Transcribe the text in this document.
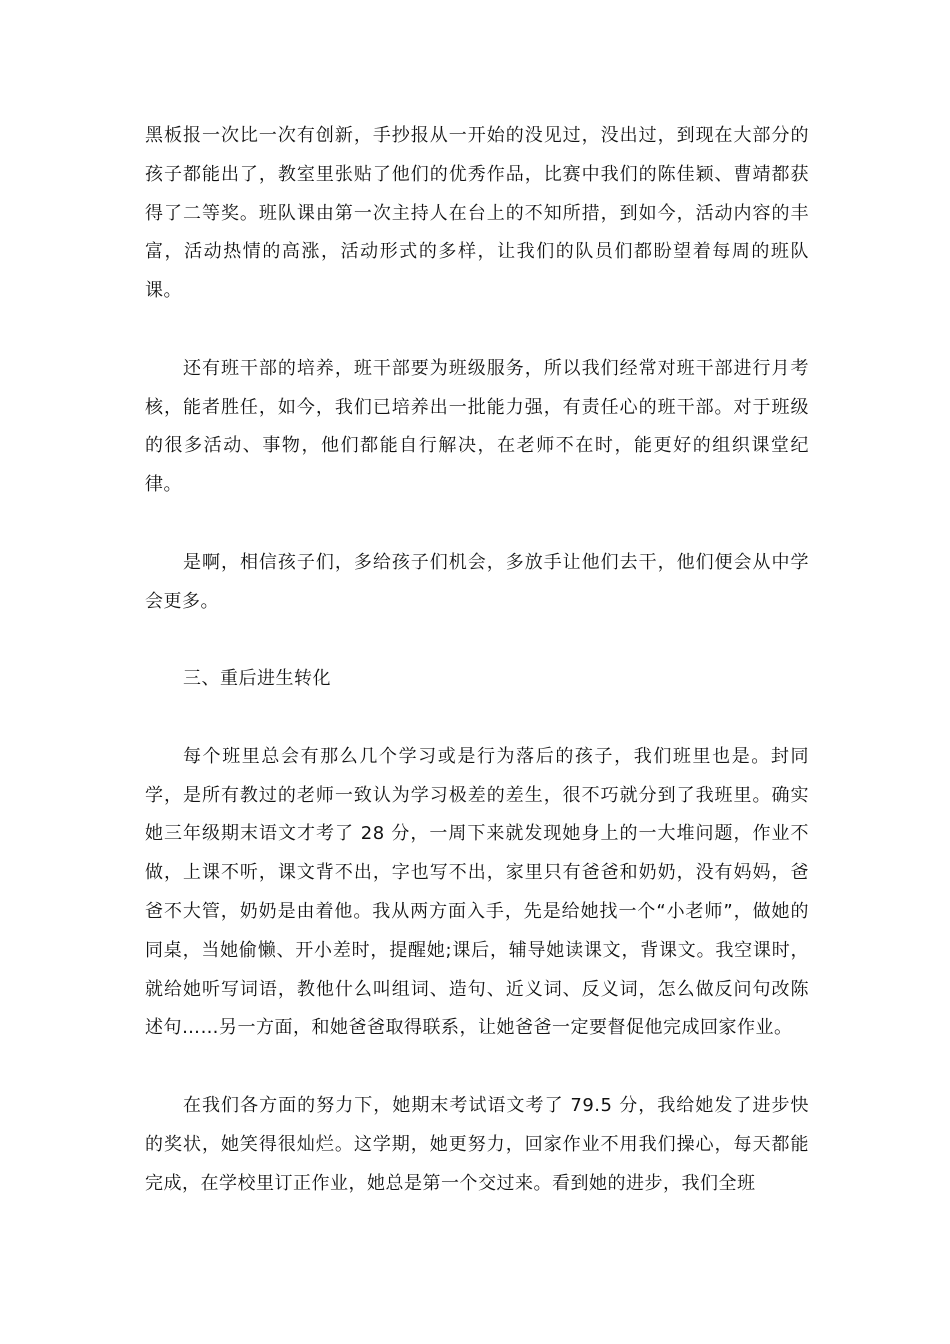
黑板报一次比一次有创新，手抄报从一开始的没见过，没出过，到现在大部分的孩子都能出了，教室里张贴了他们的优秀作品，比赛中我们的陈佳颖、曹靖都获得了二等奖。班队课由第一次主持人在台上的不知所措，到如今，活动内容的丰富，活动热情的高涨，活动形式的多样，让我们的队员们都盼望着每周的班队课。

还有班干部的培养，班干部要为班级服务，所以我们经常对班干部进行月考核，能者胜任，如今，我们已培养出一批能力强，有责任心的班干部。对于班级的很多活动、事物，他们都能自行解决，在老师不在时，能更好的组织课堂纪律。

是啊，相信孩子们，多给孩子们机会，多放手让他们去干，他们便会从中学会更多。

三、重后进生转化

每个班里总会有那么几个学习或是行为落后的孩子，我们班里也是。封同学，是所有教过的老师一致认为学习极差的差生，很不巧就分到了我班里。确实她三年级期末语文才考了 28 分，一周下来就发现她身上的一大堆问题，作业不做，上课不听，课文背不出，字也写不出，家里只有爸爸和奶奶，没有妈妈，爸爸不大管，奶奶是由着他。我从两方面入手，先是给她找一个“小老师”，做她的同桌，当她偷懒、开小差时，提醒她;课后，辅导她读课文，背课文。我空课时，就给她听写词语，教他什么叫组词、造句、近义词、反义词，怎么做反问句改陈述句……另一方面，和她爸爸取得联系，让她爸爸一定要督促他完成回家作业。

在我们各方面的努力下，她期末考试语文考了 79.5 分，我给她发了进步快的奖状，她笑得很灿烂。这学期，她更努力，回家作业不用我们操心，每天都能完成，在学校里订正作业，她总是第一个交过来。看到她的进步，我们全班
